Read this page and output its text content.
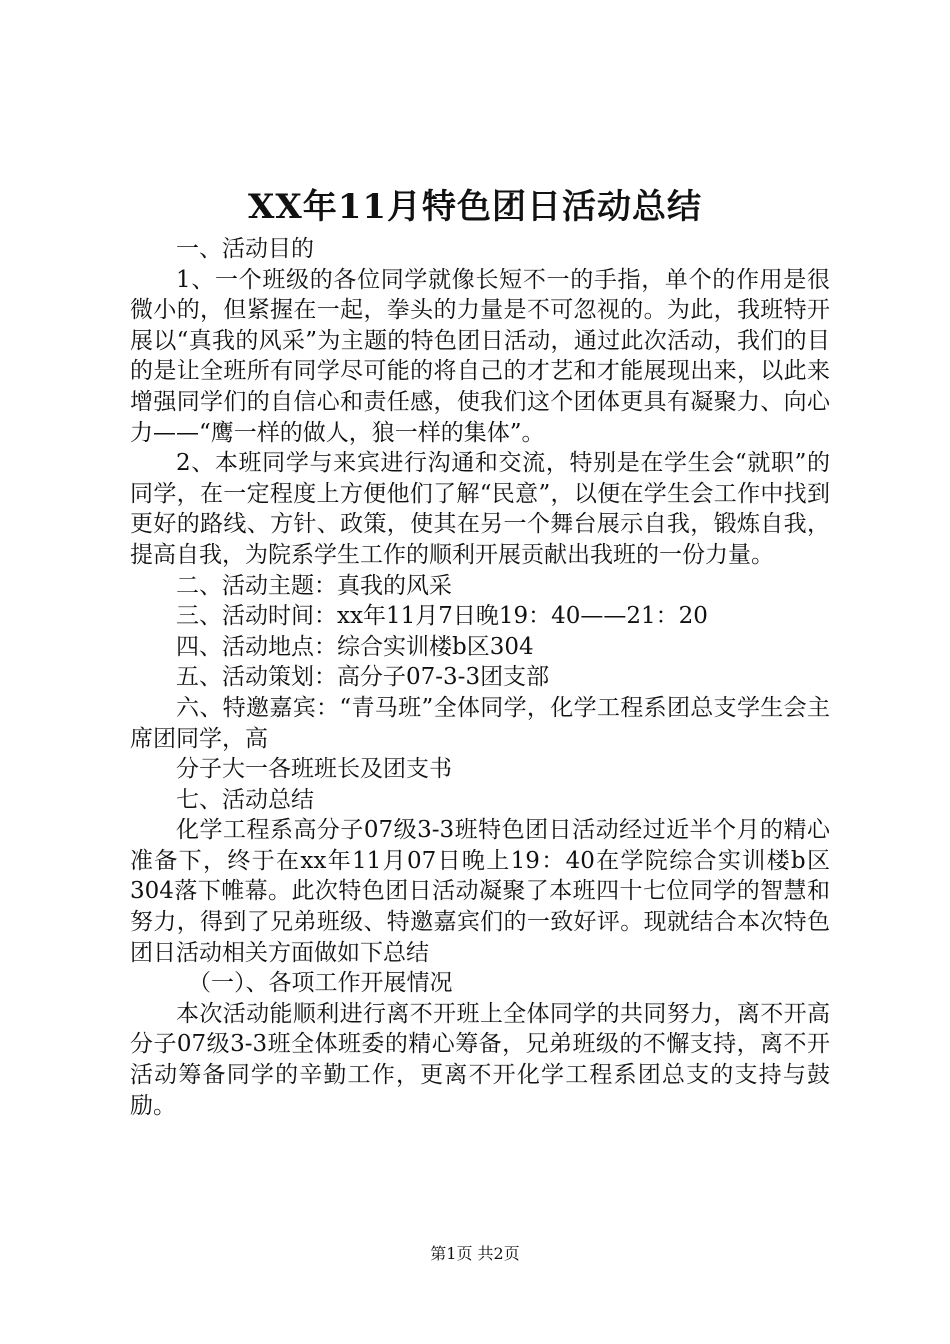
XX年11月特色团日活动总结

一、活动目的

1、一个班级的各位同学就像长短不一的手指，单个的作用是很微小的，但紧握在一起，拳头的力量是不可忽视的。为此，我班特开展以“真我的风采”为主题的特色团日活动，通过此次活动，我们的目的是让全班所有同学尽可能的将自己的才艺和才能展现出来，以此来增强同学们的自信心和责任感，使我们这个团体更具有凝聚力、向心力——“鹰一样的做人，狼一样的集体”。

2、本班同学与来宾进行沟通和交流，特别是在学生会“就职”的同学，在一定程度上方便他们了解“民意”，以便在学生会工作中找到更好的路线、方针、政策，使其在另一个舞台展示自我，锻炼自我，提高自我，为院系学生工作的顺利开展贡献出我班的一份力量。

二、活动主题：真我的风采

三、活动时间：xx年11月7日晚19：40——21：20

四、活动地点：综合实训楼b区304

五、活动策划：高分子07-3-3团支部

六、特邀嘉宾：“青马班”全体同学，化学工程系团总支学生会主席团同学，高

分子大一各班班长及团支书

七、活动总结

化学工程系高分子07级3-3班特色团日活动经过近半个月的精心准备下，终于在xx年11月07日晚上19：40在学院综合实训楼b区304落下帷幕。此次特色团日活动凝聚了本班四十七位同学的智慧和努力，得到了兄弟班级、特邀嘉宾们的一致好评。现就结合本次特色团日活动相关方面做如下总结

（一）、各项工作开展情况

本次活动能顺利进行离不开班上全体同学的共同努力，离不开高分子07级3-3班全体班委的精心筹备，兄弟班级的不懈支持，离不开活动筹备同学的辛勤工作，更离不开化学工程系团总支的支持与鼓励。

第1页 共2页
